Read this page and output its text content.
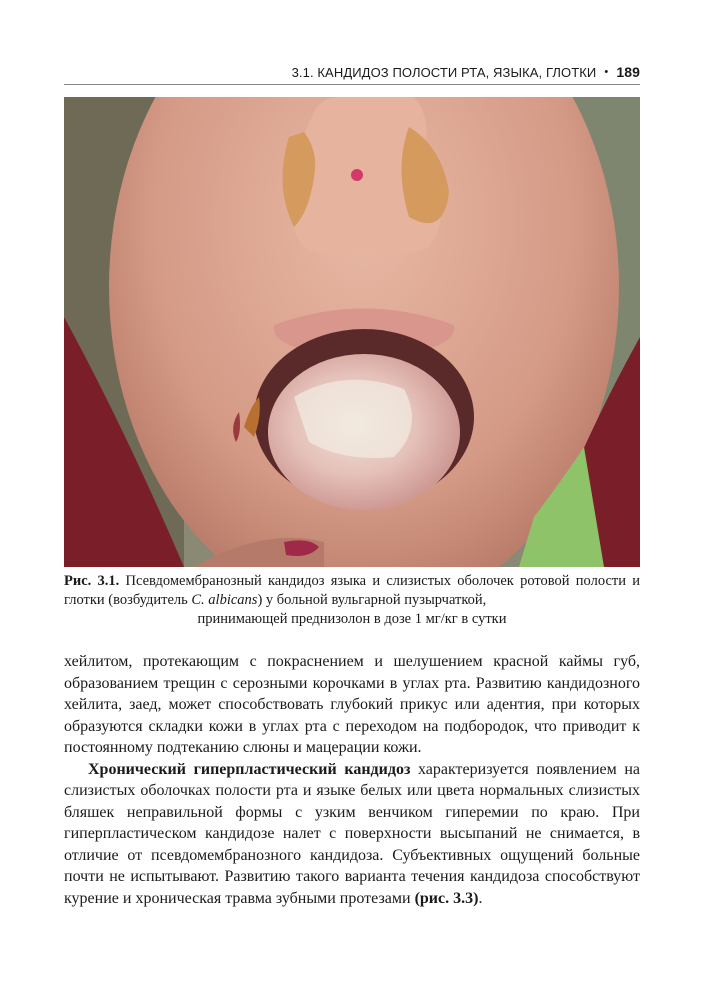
3.1. КАНДИДОЗ ПОЛОСТИ РТА, ЯЗЫКА, ГЛОТКИ • 189
Рис. 3.1. Псевдомембранозный кандидоз языка и слизистых оболочек ротовой полости и глотки (возбудитель C. albicans) у больной вульгарной пузырчаткой,
принимающей преднизолон в дозе 1 мг/кг в сутки

хейлитом, протекающим с покраснением и шелушением красной каймы губ, образованием трещин с серозными корочками в углах рта. Развитию кандидозного хейлита, заед, может способствовать глубокий прикус или адентия, при которых образуются складки кожи в углах рта с переходом на подбородок, что приводит к постоянному подтеканию слюны и мацерации кожи.

Хронический гиперпластический кандидоз характеризуется появлением на слизистых оболочках полости рта и языке белых или цвета нормальных слизистых бляшек неправильной формы с узким венчиком гиперемии по краю. При гиперпластическом кандидозе налет с поверхности высыпаний не снимается, в отличие от псевдомембранозного кандидоза. Субъективных ощущений больные почти не испытывают. Развитию такого варианта течения кандидоза способствуют курение и хроническая травма зубными протезами (рис. 3.3).
